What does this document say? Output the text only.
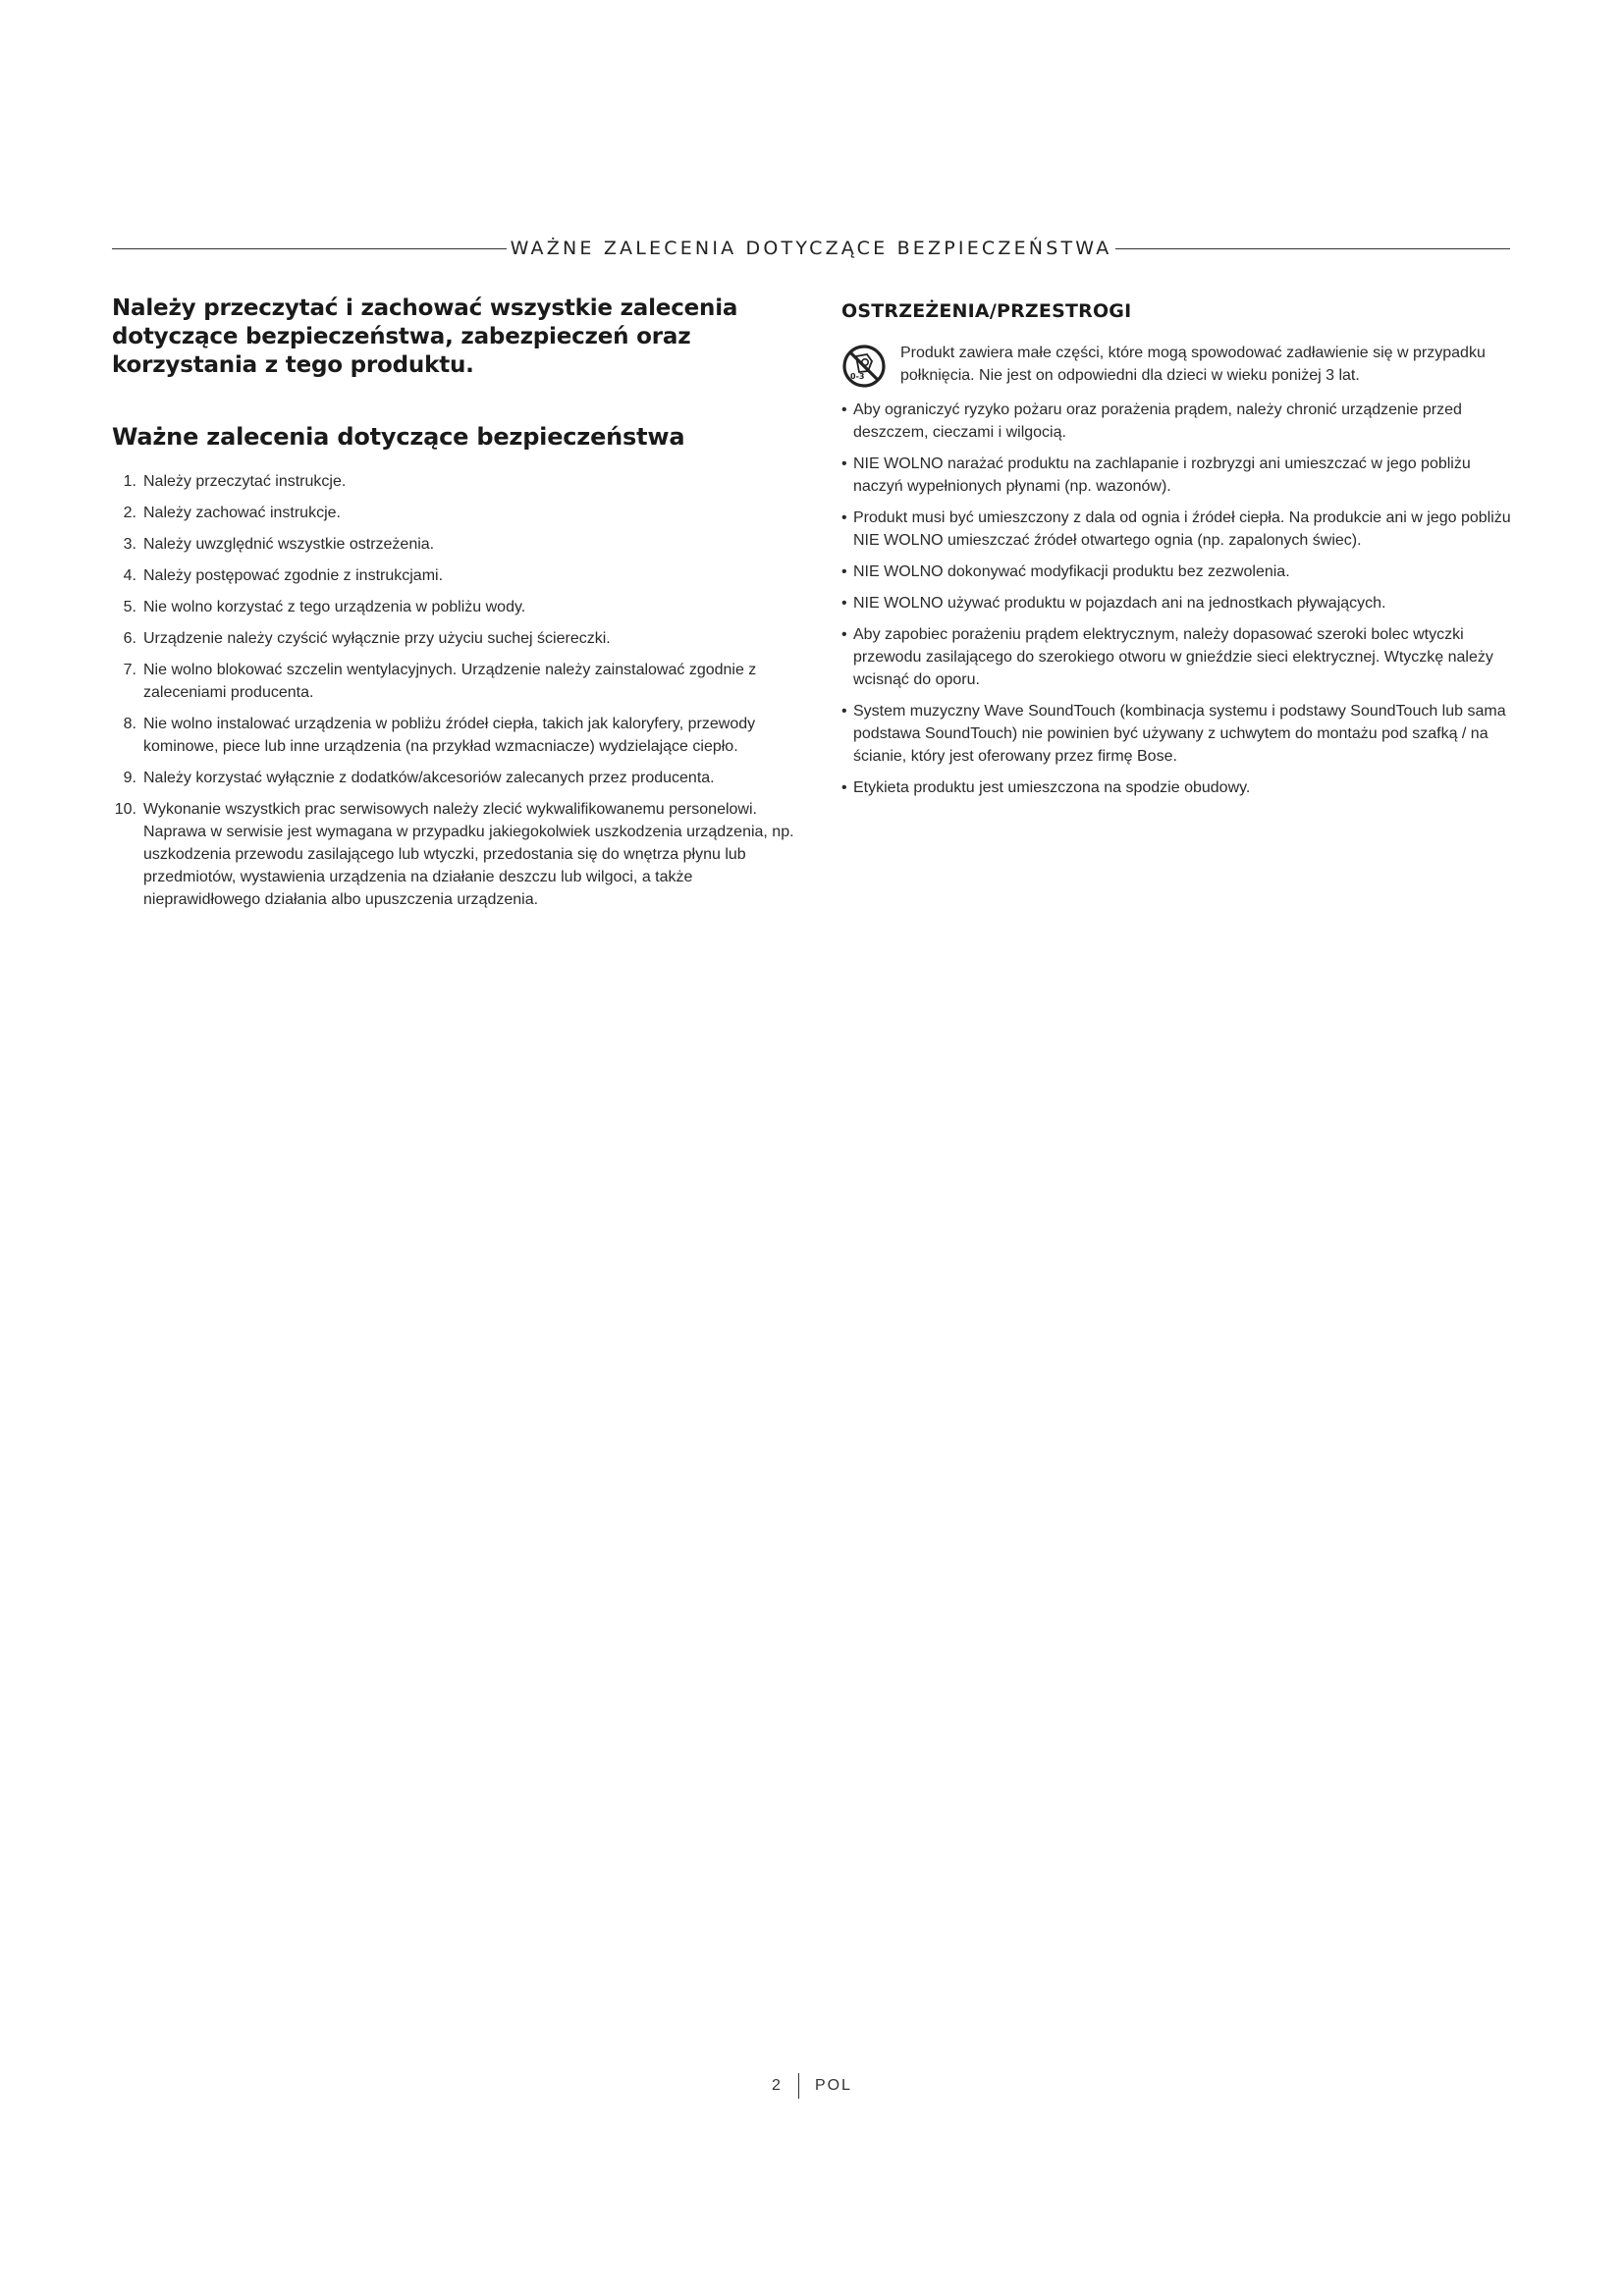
WAŻNE ZALECENIA DOTYCZĄCE BEZPIECZEŃSTWA

Należy przeczytać i zachować wszystkie zalecenia dotyczące bezpieczeństwa, zabezpieczeń oraz korzystania z tego produktu.

Ważne zalecenia dotyczące bezpieczeństwa
1. Należy przeczytać instrukcje.
2. Należy zachować instrukcje.
3. Należy uwzględnić wszystkie ostrzeżenia.
4. Należy postępować zgodnie z instrukcjami.
5. Nie wolno korzystać z tego urządzenia w pobliżu wody.
6. Urządzenie należy czyścić wyłącznie przy użyciu suchej ściereczki.
7. Nie wolno blokować szczelin wentylacyjnych. Urządzenie należy zainstalować zgodnie z zaleceniami producenta.
8. Nie wolno instalować urządzenia w pobliżu źródeł ciepła, takich jak kaloryfery, przewody kominowe, piece lub inne urządzenia (na przykład wzmacniacze) wydzielające ciepło.
9. Należy korzystać wyłącznie z dodatków/akcesoriów zalecanych przez producenta.
10. Wykonanie wszystkich prac serwisowych należy zlecić wykwalifikowanemu personelowi. Naprawa w serwisie jest wymagana w przypadku jakiegokolwiek uszkodzenia urządzenia, np. uszkodzenia przewodu zasilającego lub wtyczki, przedostania się do wnętrza płynu lub przedmiotów, wystawienia urządzenia na działanie deszczu lub wilgoci, a także nieprawidłowego działania albo upuszczenia urządzenia.
OSTRZEŻENIA/PRZESTROGI
0-3
Produkt zawiera małe części, które mogą spowodować zadławienie się w przypadku połknięcia. Nie jest on odpowiedni dla dzieci w wieku poniżej 3 lat.
• Aby ograniczyć ryzyko pożaru oraz porażenia prądem, należy chronić urządzenie przed deszczem, cieczami i wilgocią.
• NIE WOLNO narażać produktu na zachlapanie i rozbryzgi ani umieszczać w jego pobliżu naczyń wypełnionych płynami (np. wazonów).
• Produkt musi być umieszczony z dala od ognia i źródeł ciepła. Na produkcie ani w jego pobliżu NIE WOLNO umieszczać źródeł otwartego ognia (np. zapalonych świec).
• NIE WOLNO dokonywać modyfikacji produktu bez zezwolenia.
• NIE WOLNO używać produktu w pojazdach ani na jednostkach pływających.
• Aby zapobiec porażeniu prądem elektrycznym, należy dopasować szeroki bolec wtyczki przewodu zasilającego do szerokiego otworu w gnieździe sieci elektrycznej. Wtyczkę należy wcisnąć do oporu.
• System muzyczny Wave SoundTouch (kombinacja systemu i podstawy SoundTouch lub sama podstawa SoundTouch) nie powinien być używany z uchwytem do montażu pod szafką / na ścianie, który jest oferowany przez firmę Bose.
• Etykieta produktu jest umieszczona na spodzie obudowy.
2 POL
